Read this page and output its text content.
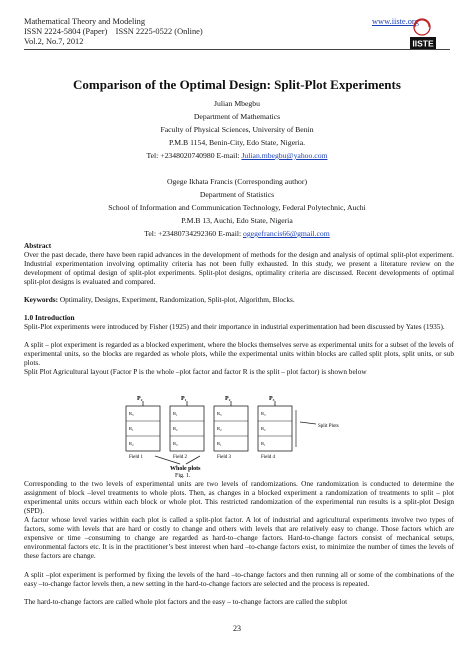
Mathematical Theory and Modeling
ISSN 2224-5804 (Paper)    ISSN 2225-0522 (Online)
Vol.2, No.7, 2012
www.iiste.org
IISTE
Comparison of the Optimal Design: Split-Plot Experiments
Julian Mbegbu
Department of Mathematics
Faculty of Physical Sciences, University of Benin
P.M.B 1154, Benin-City, Edo State, Nigeria.
Tel: +2348020740980 E-mail: Julian.mbegbu@yahoo.com
Ogege Ikhata Francis (Corresponding author)
Department of Statistics
School of Information and Communication Technology, Federal Polytechnic, Auchi
P.M.B 13, Auchi, Edo State, Nigeria
Tel: +23480734292360 E-mail: ogegefrancis66@gmail.com
Abstract
Over the past decade, there have been rapid advances in the development of methods for the design and analysis of optimal split-plot experiment. Industrial experimentation involving optimality criteria has not been fully exhausted. In this study, we present a literature review on the development of optimal design of split-plot experiments. Split-plot designs, optimality criteria are discussed. Recent developments of optimal split-plot designs is evaluated and compared.
Keywords: Optimality, Designs, Experiment, Randomization, Split-plot, Algorithm, Blocks.
1.0 Introduction
Split-Plot experiments were introduced by Fisher (1925) and their importance in industrial experimentation had been discussed by Yates (1935).
A split – plot experiment is regarded as a blocked experiment, where the blocks themselves serve as experimental units for a subset of the levels of experimental units, so the blocks are regarded as whole plots, while the experimental units within blocks are called split plots, split units, or sub plots.
Split Plot Agricultural layout (Factor P is the whole –plot factor and factor R is the split – plot factor) is shown below
P₂
R₃
R₁
R₂
Field 1
P₁
R₁
R₂
R₃
Field 2
P₂
R₃
R₂
R₁
Field 3
P₃
R₃
R₂
R₁
Field 4
Split Plots
Whole plots
Fig. 1.
Corresponding to the two levels of experimental units are two levels of randomizations. One randomization is conducted to determine the assignment of block –level treatments to whole plots. Then, as changes in a blocked experiment a randomization of treatments to split – plot experimental units occurs within each block or whole plot. This restricted randomization of the experimental run results is a split-plot Design (SPD).
A factor whose level varies within each plot is called a split-plot factor. A lot of industrial and agricultural experiments involve two types of factors, some with levels that are hard or costly to change and others with levels that are relatively easy to change. Those factors which are expensive or time –consuming to change are regarded as hard-to–change factors. Hard-to-change factors consist of mechanical setups, environmental factors etc. It is in the practitioner’s best interest when hard –to-change factors exist, to minimize the number of times the levels of these factors are change.
A split –plot experiment is performed by fixing the levels of the hard –to-change factors and then running all or some of the combinations of the easy –to-change factor levels then, a new setting in the hard-to-change factors are selected and the process is repeated.
The hard-to-change factors are called whole plot factors and the easy – to-change factors are called the subplot
23
